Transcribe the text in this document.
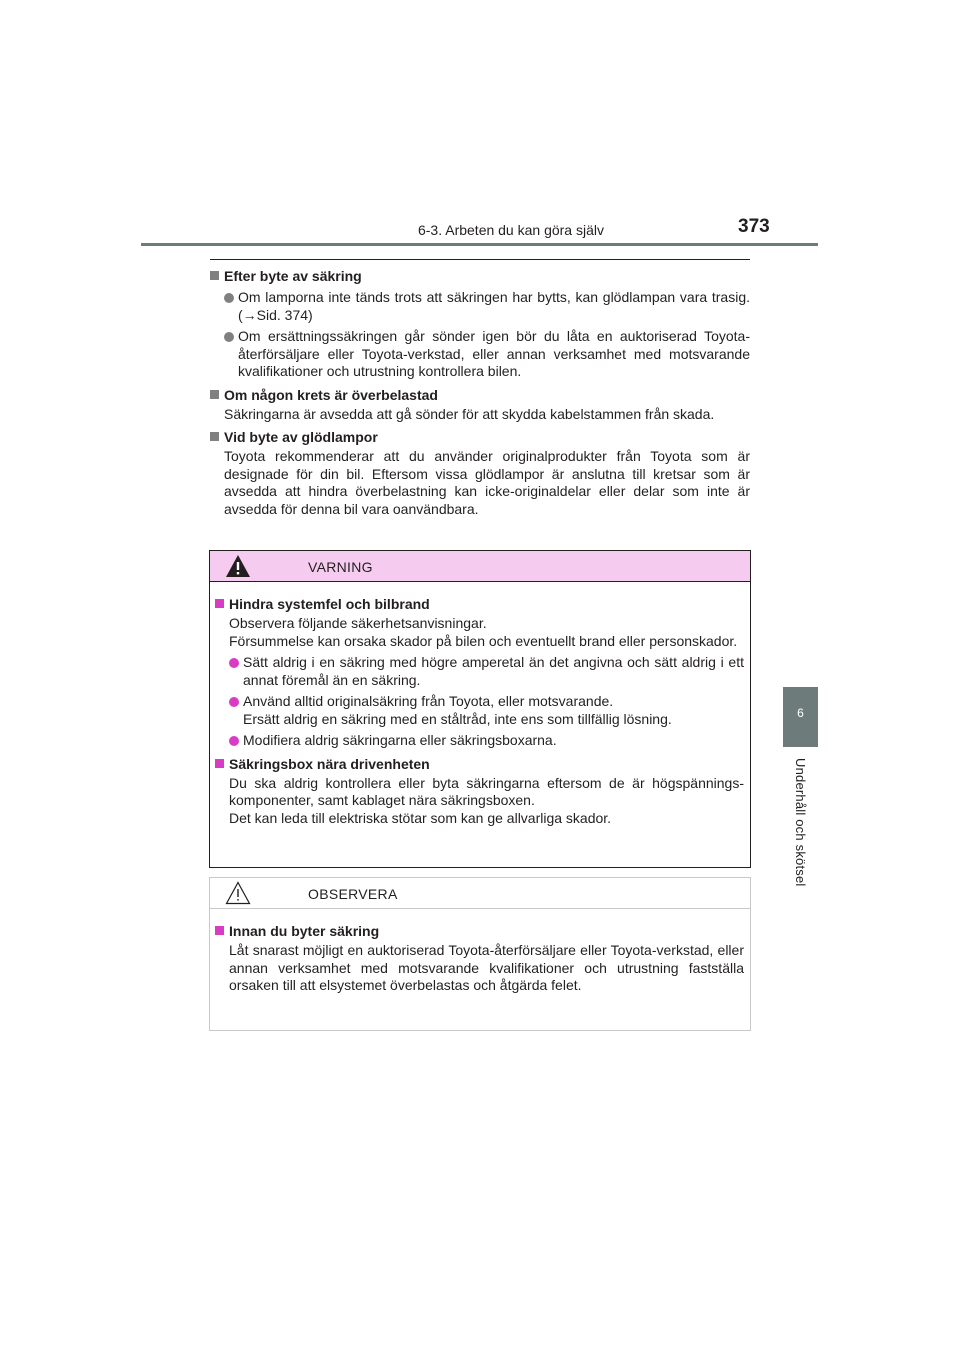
6-3. Arbeten du kan göra själv	373
6
Underhåll och skötsel
Efter byte av säkring
Om lamporna inte tänds trots att säkringen har bytts, kan glödlampan vara trasig. (→Sid. 374)
Om ersättningssäkringen går sönder igen bör du låta en auktoriserad Toyota-återförsäljare eller Toyota-verkstad, eller annan verksamhet med motsvarande kvalifikationer och utrustning kontrollera bilen.
Om någon krets är överbelastad
Säkringarna är avsedda att gå sönder för att skydda kabelstammen från skada.
Vid byte av glödlampor
Toyota rekommenderar att du använder originalprodukter från Toyota som är designade för din bil. Eftersom vissa glödlampor är anslutna till kretsar som är avsedda att hindra överbelastning kan icke-originaldelar eller delar som inte är avsedda för denna bil vara oanvändbara.
VARNING
Hindra systemfel och bilbrand
Observera följande säkerhetsanvisningar.
Försummelse kan orsaka skador på bilen och eventuellt brand eller personskador.
Sätt aldrig i en säkring med högre amperetal än det angivna och sätt aldrig i ett annat föremål än en säkring.
Använd alltid originalsäkring från Toyota, eller motsvarande.
Ersätt aldrig en säkring med en ståltråd, inte ens som tillfällig lösning.
Modifiera aldrig säkringarna eller säkringsboxarna.
Säkringsbox nära drivenheten
Du ska aldrig kontrollera eller byta säkringarna eftersom de är högspännings-komponenter, samt kablaget nära säkringsboxen.
Det kan leda till elektriska stötar som kan ge allvarliga skador.
OBSERVERA
Innan du byter säkring
Låt snarast möjligt en auktoriserad Toyota-återförsäljare eller Toyota-verkstad, eller annan verksamhet med motsvarande kvalifikationer och utrustning fastställa orsaken till att elsystemet överbelastas och åtgärda felet.
